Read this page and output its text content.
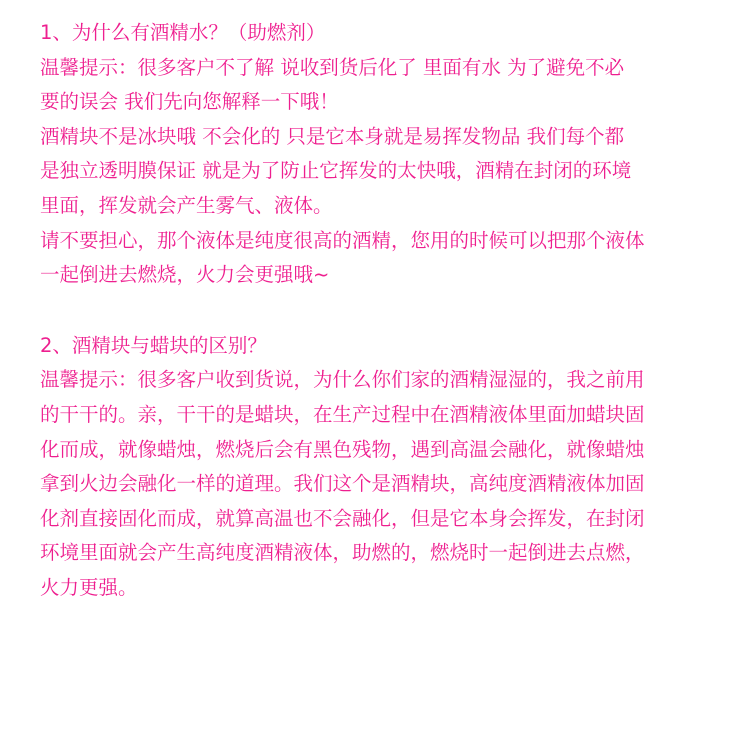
1、为什么有酒精水？（助燃剂）
温馨提示：很多客户不了解 说收到货后化了 里面有水 为了避免不必
要的误会 我们先向您解释一下哦！
酒精块不是冰块哦 不会化的 只是它本身就是易挥发物品 我们每个都
是独立透明膜保证 就是为了防止它挥发的太快哦，酒精在封闭的环境
里面，挥发就会产生雾气、液体。
请不要担心，那个液体是纯度很高的酒精，您用的时候可以把那个液体
一起倒进去燃烧，火力会更强哦~
2、酒精块与蜡块的区别？
温馨提示：很多客户收到货说，为什么你们家的酒精湿湿的，我之前用
的干干的。亲，干干的是蜡块，在生产过程中在酒精液体里面加蜡块固
化而成，就像蜡烛，燃烧后会有黑色残物，遇到高温会融化，就像蜡烛
拿到火边会融化一样的道理。我们这个是酒精块，高纯度酒精液体加固
化剂直接固化而成，就算高温也不会融化，但是它本身会挥发，在封闭
环境里面就会产生高纯度酒精液体，助燃的，燃烧时一起倒进去点燃，
火力更强。
